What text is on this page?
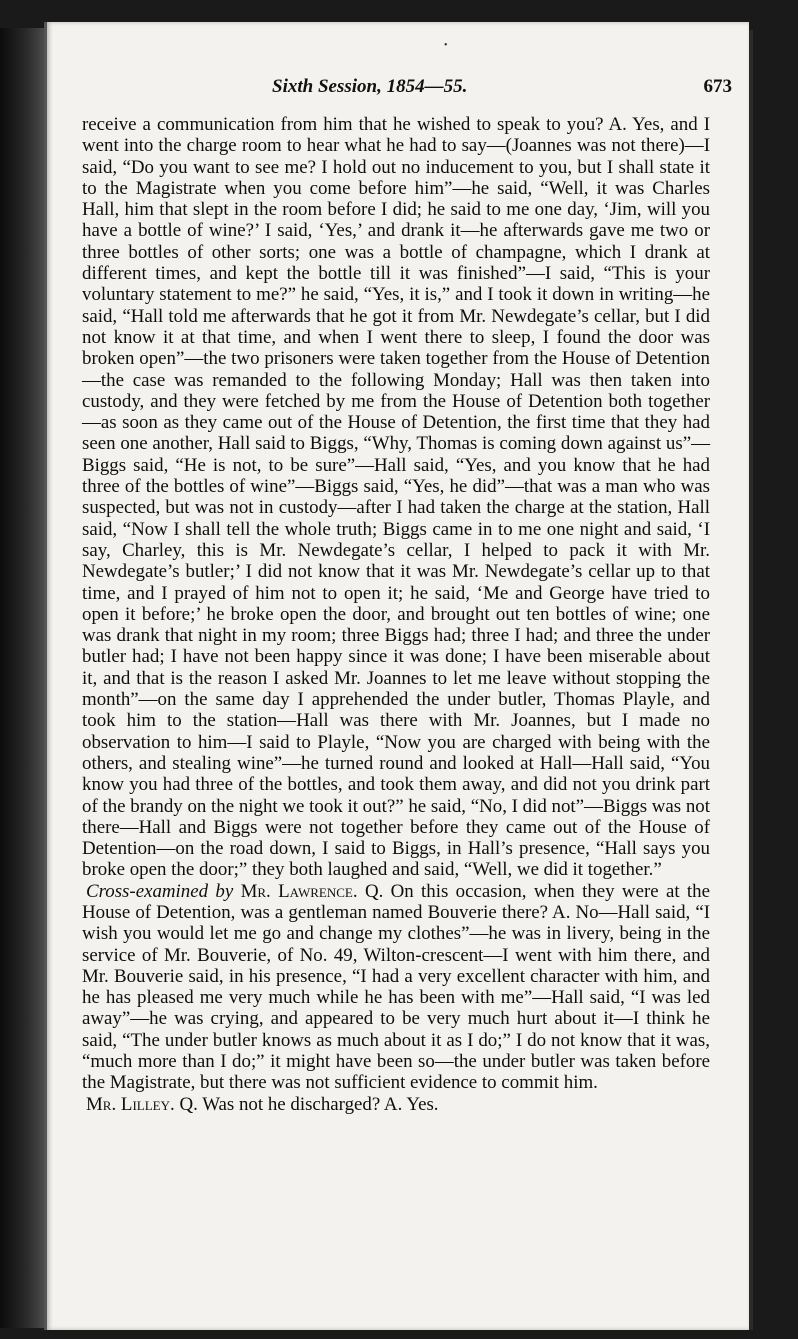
•
Sixth Session, 1854—55.	673

receive a communication from him that he wished to speak to you? A. Yes, and I went into the charge room to hear what he had to say—(Joannes was not there)—I said, “Do you want to see me? I hold out no inducement to you, but I shall state it to the Magistrate when you come before him”—he said, “Well, it was Charles Hall, him that slept in the room before I did; he said to me one day, ‘Jim, will you have a bottle of wine?’ I said, ‘Yes,’ and drank it—he afterwards gave me two or three bottles of other sorts; one was a bottle of champagne, which I drank at different times, and kept the bottle till it was finished”—I said, “This is your voluntary statement to me?” he said, “Yes, it is,” and I took it down in writing—he said, “Hall told me afterwards that he got it from Mr. Newdegate’s cellar, but I did not know it at that time, and when I went there to sleep, I found the door was broken open”—the two prisoners were taken together from the House of Detention—the case was remanded to the following Monday; Hall was then taken into custody, and they were fetched by me from the House of Detention both together—as soon as they came out of the House of Detention, the first time that they had seen one another, Hall said to Biggs, “Why, Thomas is coming down against us”—Biggs said, “He is not, to be sure”—Hall said, “Yes, and you know that he had three of the bottles of wine”—Biggs said, “Yes, he did”—that was a man who was suspected, but was not in custody—after I had taken the charge at the station, Hall said, “Now I shall tell the whole truth; Biggs came in to me one night and said, ‘I say, Charley, this is Mr. Newdegate’s cellar, I helped to pack it with Mr. Newdegate’s butler;’ I did not know that it was Mr. Newdegate’s cellar up to that time, and I prayed of him not to open it; he said, ‘Me and George have tried to open it before;’ he broke open the door, and brought out ten bottles of wine; one was drank that night in my room; three Biggs had; three I had; and three the under butler had; I have not been happy since it was done; I have been miserable about it, and that is the reason I asked Mr. Joannes to let me leave without stopping the month”—on the same day I apprehended the under butler, Thomas Playle, and took him to the station—Hall was there with Mr. Joannes, but I made no observation to him—I said to Playle, “Now you are charged with being with the others, and stealing wine”—he turned round and looked at Hall—Hall said, “You know you had three of the bottles, and took them away, and did not you drink part of the brandy on the night we took it out?” he said, “No, I did not”—Biggs was not there—Hall and Biggs were not together before they came out of the House of Detention—on the road down, I said to Biggs, in Hall’s presence, “Hall says you broke open the door;” they both laughed and said, “Well, we did it together.”

Cross-examined by Mr. Lawrence. Q. On this occasion, when they were at the House of Detention, was a gentleman named Bouverie there? A. No—Hall said, “I wish you would let me go and change my clothes”—he was in livery, being in the service of Mr. Bouverie, of No. 49, Wilton-crescent—I went with him there, and Mr. Bouverie said, in his presence, “I had a very excellent character with him, and he has pleased me very much while he has been with me”—Hall said, “I was led away”—he was crying, and appeared to be very much hurt about it—I think he said, “The under butler knows as much about it as I do;” I do not know that it was, “much more than I do;” it might have been so—the under butler was taken before the Magistrate, but there was not sufficient evidence to commit him.

Mr. Lilley. Q. Was not he discharged? A. Yes.
